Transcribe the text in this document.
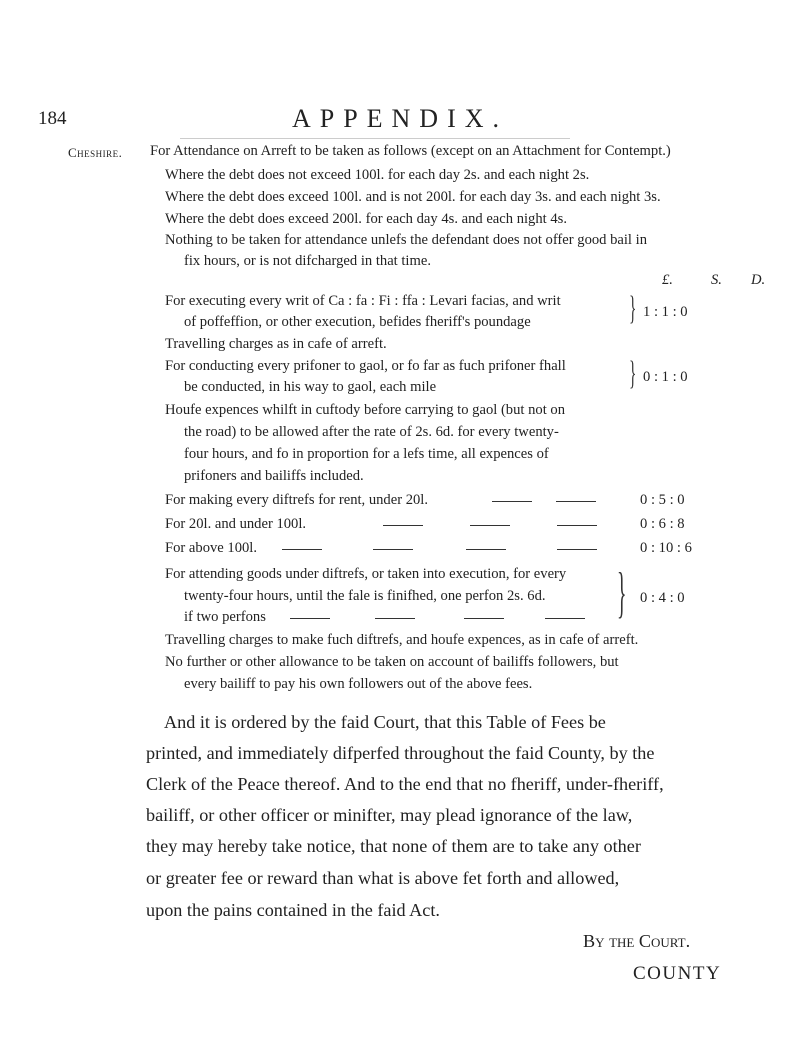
184	APPENDIX.
Cheshire. For Attendance on Arreft to be taken as follows (except on an Attachment for Contempt.)
Where the debt does not exceed 100l. for each day 2s. and each night 2s.
Where the debt does exceed 100l. and is not 200l. for each day 3s. and each night 3s.
Where the debt does exceed 200l. for each day 4s. and each night 4s.
Nothing to be taken for attendance unlefs the defendant does not offer good bail in
fix hours, or is not difcharged in that time.
£.	S. D.
For executing every writ of Ca : fa : Fi : ffa : Levari facias, and writ
of poffeffion, or other execution, befides fheriff's poundage	} 1 : 1 : 0
Travelling charges as in cafe of arreft.
For conducting every prifoner to gaol, or fo far as fuch prifoner fhall
be conducted, in his way to gaol, each mile	} 0 : 1 : 0
Houfe expences whilft in cuftody before carrying to gaol (but not on
the road) to be allowed after the rate of 2s. 6d. for every twenty-
four hours, and fo in proportion for a lefs time, all expences of
prifoners and bailiffs included.
For making every diftrefs for rent, under 20l.	0 : 5 : 0
For 20l. and under 100l.	0 : 6 : 8
For above 100l.	0 : 10 : 6
For attending goods under diftrefs, or taken into execution, for every
twenty-four hours, until the fale is finifhed, one perfon 2s. 6d.
if two perfons	} 0 : 4 : 0
Travelling charges to make fuch diftrefs, and houfe expences, as in cafe of arreft.
No further or other allowance to be taken on account of bailiffs followers, but
every bailiff to pay his own followers out of the above fees.
And it is ordered by the faid Court, that this Table of Fees be
printed, and immediately difperfed throughout the faid County, by the
Clerk of the Peace thereof. And to the end that no fheriff, under-fheriff,
bailiff, or other officer or minifter, may plead ignorance of the law,
they may hereby take notice, that none of them are to take any other
or greater fee or reward than what is above fet forth and allowed,
upon the pains contained in the faid Act.
By the Court.
COUNTY
